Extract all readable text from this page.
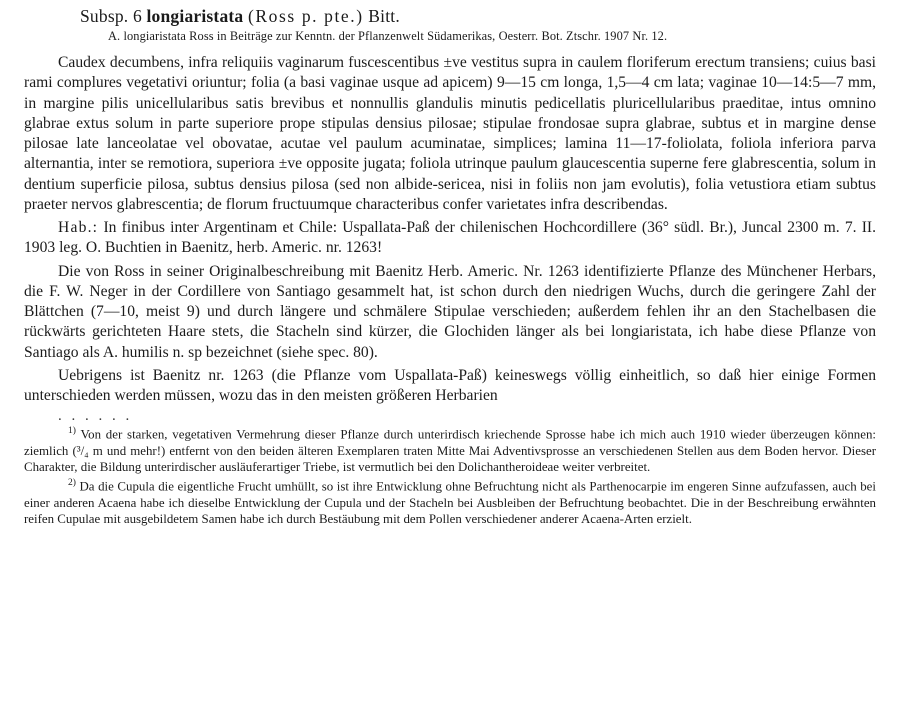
Subsp. 6 longiaristata (Ross p. pte.) Bitt.
A. longiaristata Ross in Beiträge zur Kenntn. der Pflanzenwelt Südamerikas, Oesterr. Bot. Ztschr. 1907 Nr. 12.

Caudex decumbens, infra reliquiis vaginarum fuscescentibus ±ve vestitus supra in caulem floriferum erectum transiens; cuius basi rami complures vegetativi oriuntur; folia (a basi vaginae usque ad apicem) 9—15 cm longa, 1,5—4 cm lata; vaginae 10—14:5—7 mm, in margine pilis unicellularibus satis brevibus et nonnullis glandulis minutis pedicellatis pluricellularibus praeditae, intus omnino glabrae extus solum in parte superiore prope stipulas densius pilosae; stipulae frondosae supra glabrae, subtus et in margine dense pilosae late lanceolatae vel obovatae, acutae vel paulum acuminatae, simplices; lamina 11—17-foliolata, foliola inferiora parva alternantia, inter se remotiora, superiora ±ve opposite jugata; foliola utrinque paulum glaucescentia superne fere glabrescentia, solum in dentium superficie pilosa, subtus densius pilosa (sed non albide-sericea, nisi in foliis non jam evolutis), folia vetustiora etiam subtus praeter nervos glabrescentia; de florum fructuumque characteribus confer varietates infra describendas.

Hab.: In finibus inter Argentinam et Chile: Uspallata-Paß der chilenischen Hochcordillere (36° südl. Br.), Juncal 2300 m. 7. II. 1903 leg. O. Buchtien in Baenitz, herb. Americ. nr. 1263!

Die von Ross in seiner Originalbeschreibung mit Baenitz Herb. Americ. Nr. 1263 identifizierte Pflanze des Münchener Herbars, die F. W. Neger in der Cordillere von Santiago gesammelt hat, ist schon durch den niedrigen Wuchs, durch die geringere Zahl der Blättchen (7—10, meist 9) und durch längere und schmälere Stipulae verschieden; außerdem fehlen ihr an den Stachelbasen die rückwärts gerichteten Haare stets, die Stacheln sind kürzer, die Glochiden länger als bei longiaristata, ich habe diese Pflanze von Santiago als A. humilis n. sp bezeichnet (siehe spec. 80).

Uebrigens ist Baenitz nr. 1263 (die Pflanze vom Uspallata-Paß) keineswegs völlig einheitlich, so daß hier einige Formen unterschieden werden müssen, wozu das in den meisten größeren Herbarien

. . . . . .

$^{1)}$ Von der starken, vegetativen Vermehrung dieser Pflanze durch unterirdisch kriechende Sprosse habe ich mich auch 1910 wieder überzeugen können: ziemlich (³/₄ m und mehr!) entfernt von den beiden älteren Exemplaren traten Mitte Mai Adventivsprosse an verschiedenen Stellen aus dem Boden hervor. Dieser Charakter, die Bildung unterirdischer ausläuferartiger Triebe, ist vermutlich bei den Dolichantheroideae weiter verbreitet.

$^{2)}$ Da die Cupula die eigentliche Frucht umhüllt, so ist ihre Entwicklung ohne Befruchtung nicht als Parthenocarpie im engeren Sinne aufzufassen, auch bei einer anderen Acaena habe ich dieselbe Entwicklung der Cupula und der Stacheln bei Ausbleiben der Befruchtung beobachtet. Die in der Beschreibung erwähnten reifen Cupulae mit ausgebildetem Samen habe ich durch Bestäubung mit dem Pollen verschiedener anderer Acaena-Arten erzielt.
